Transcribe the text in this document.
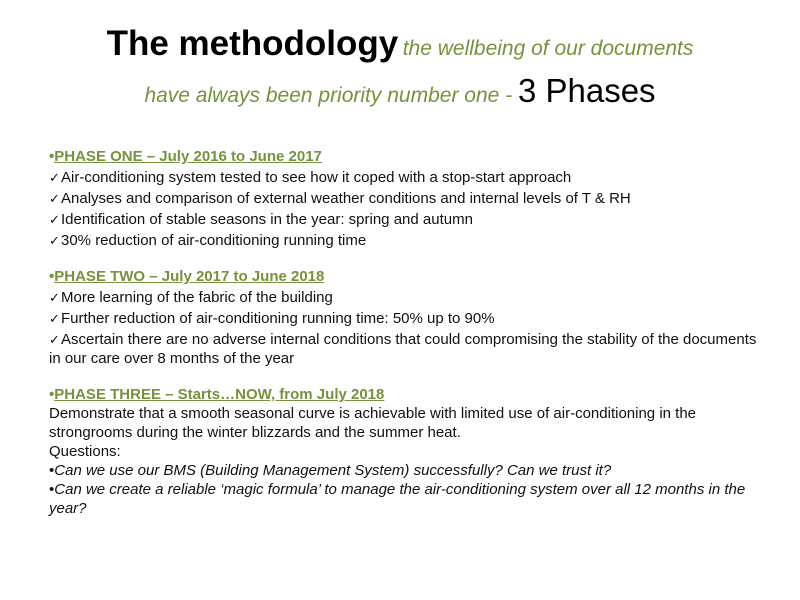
The methodology the wellbeing of our documents
have always been priority number one - 3 Phases
•PHASE ONE – July 2016 to June 2017
✓Air-conditioning system tested to see how it coped with a stop-start approach
✓Analyses and comparison of external weather conditions and internal levels of T & RH
✓Identification of stable seasons in the year: spring and autumn
✓30% reduction of air-conditioning running time
•PHASE TWO – July 2017 to June 2018
✓More learning of the fabric of the building
✓Further reduction of air-conditioning running time: 50% up to 90%
✓Ascertain there are no adverse internal conditions that could compromising the stability of the documents in our care over 8 months of the year
•PHASE THREE – Starts…NOW, from July 2018
Demonstrate that a smooth seasonal curve is achievable with limited use of air-conditioning in the strongrooms during the winter blizzards and the summer heat.
Questions:
•Can we use our BMS (Building Management System) successfully? Can we trust it?
•Can we create a reliable ‘magic formula’ to manage the air-conditioning system over all 12 months in the year?
